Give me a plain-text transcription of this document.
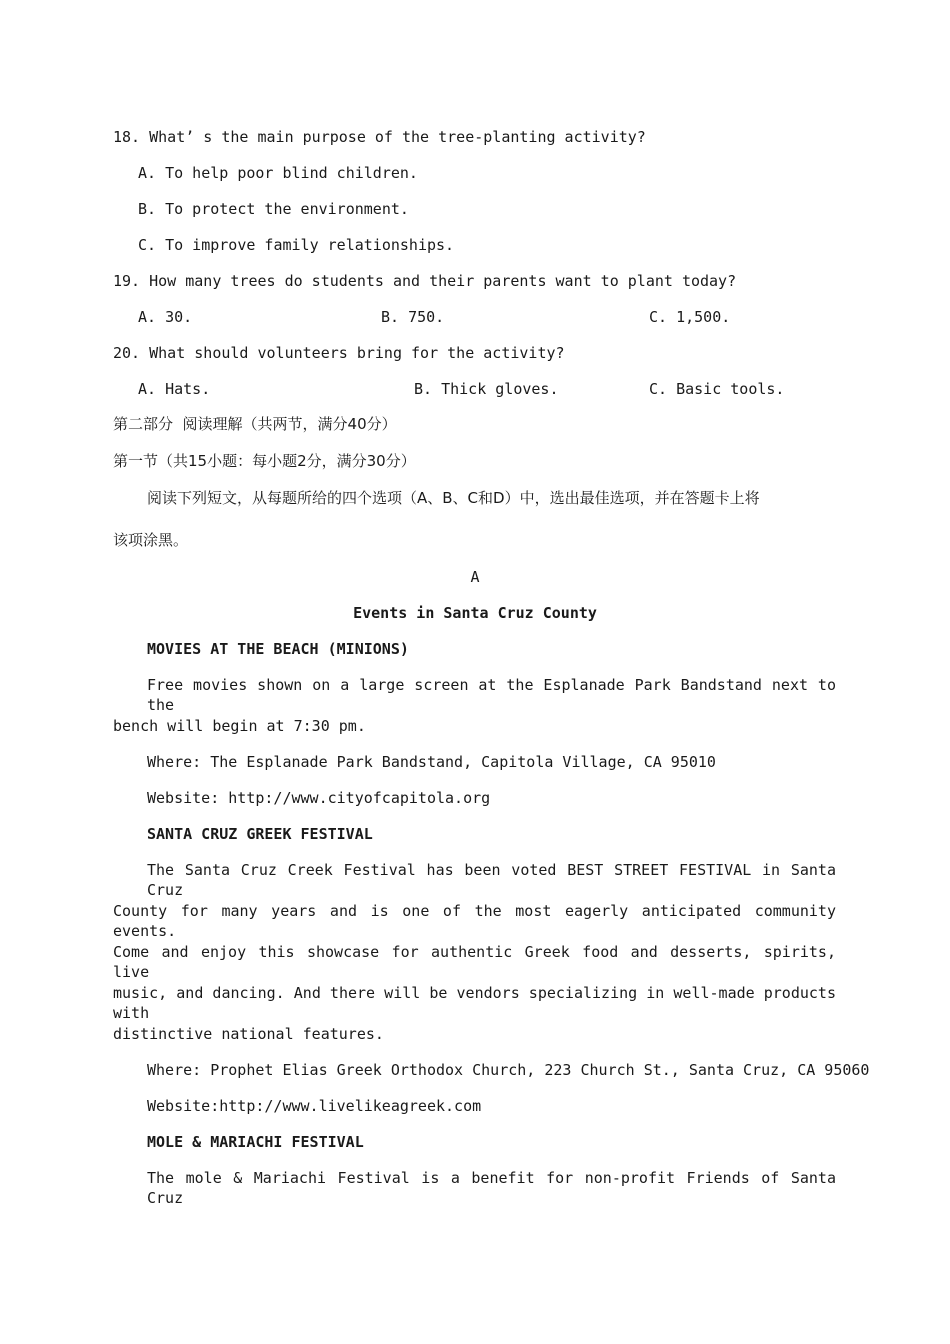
18. What’ s the main purpose of the tree-planting activity?
A. To help poor blind children.
B. To protect the environment.
C. To improve family relationships.
19. How many trees do students and their parents want to plant today?
A. 30.	B. 750.	C. 1,500.
20. What should volunteers bring for the activity?
A. Hats.	B. Thick gloves.	C. Basic tools.
第二部分  阅读理解（共两节，满分40分）
第一节（共15小题：每小题2分，满分30分）
阅读下列短文，从每题所给的四个选项（A、B、C和D）中，选出最佳选项，并在答题卡上将
该项涂黑。
A
Events in Santa Cruz County
MOVIES AT THE BEACH (MINIONS)
Free movies shown on a large screen at the Esplanade Park Bandstand next to the
bench will begin at 7:30 pm.
Where: The Esplanade Park Bandstand, Capitola Village, CA 95010
Website: http://www.cityofcapitola.org
SANTA CRUZ GREEK FESTIVAL
The Santa Cruz Creek Festival has been voted BEST STREET FESTIVAL in Santa Cruz
County for many years and is one of the most eagerly anticipated community events.
Come and enjoy this showcase for authentic Greek food and desserts, spirits, live
music, and dancing. And there will be vendors specializing in well-made products with
distinctive national features.
Where: Prophet Elias Greek Orthodox Church, 223 Church St., Santa Cruz, CA 95060
Website:http://www.livelikeagreek.com
MOLE & MARIACHI FESTIVAL
The mole & Mariachi Festival is a benefit for non-profit Friends of Santa Cruz
